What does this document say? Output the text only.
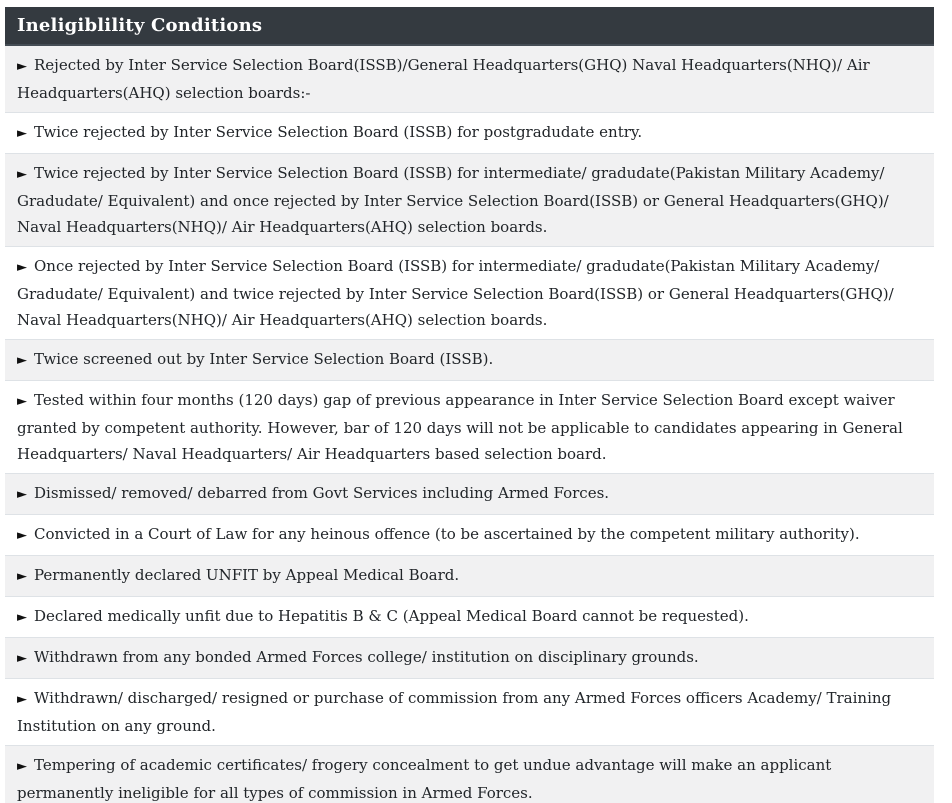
Ineligiblility Conditions
► Rejected by Inter Service Selection Board(ISSB)/General Headquarters(GHQ) Naval Headquarters(NHQ)/ Air Headquarters(AHQ) selection boards:-
► Twice rejected by Inter Service Selection Board (ISSB) for postgradudate entry.
► Twice rejected by Inter Service Selection Board (ISSB) for intermediate/ gradudate(Pakistan Military Academy/ Gradudate/ Equivalent) and once rejected by Inter Service Selection Board(ISSB) or General Headquarters(GHQ)/ Naval Headquarters(NHQ)/ Air Headquarters(AHQ) selection boards.
► Once rejected by Inter Service Selection Board (ISSB) for intermediate/ gradudate(Pakistan Military Academy/ Gradudate/ Equivalent) and twice rejected by Inter Service Selection Board(ISSB) or General Headquarters(GHQ)/ Naval Headquarters(NHQ)/ Air Headquarters(AHQ) selection boards.
► Twice screened out by Inter Service Selection Board (ISSB).
► Tested within four months (120 days) gap of previous appearance in Inter Service Selection Board except waiver granted by competent authority. However, bar of 120 days will not be applicable to candidates appearing in General Headquarters/ Naval Headquarters/ Air Headquarters based selection board.
► Dismissed/ removed/ debarred from Govt Services including Armed Forces.
► Convicted in a Court of Law for any heinous offence (to be ascertained by the competent military authority).
► Permanently declared UNFIT by Appeal Medical Board.
► Declared medically unfit due to Hepatitis B & C (Appeal Medical Board cannot be requested).
► Withdrawn from any bonded Armed Forces college/ institution on disciplinary grounds.
► Withdrawn/ discharged/ resigned or purchase of commission from any Armed Forces officers Academy/ Training Institution on any ground.
► Tempering of academic certificates/ frogery concealment to get undue advantage will make an applicant permanently ineligible for all types of commission in Armed Forces.
